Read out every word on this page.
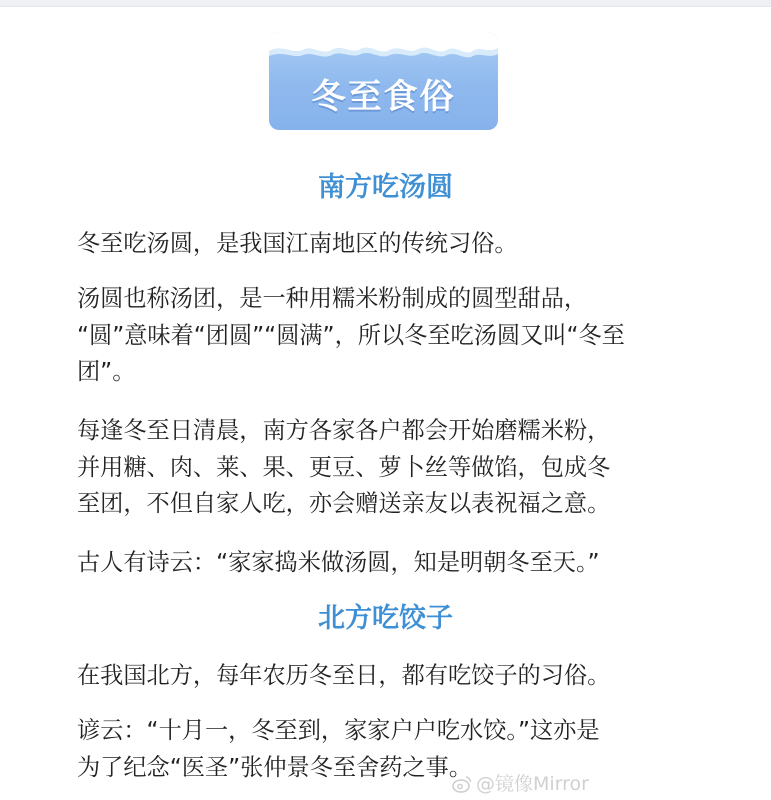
冬至食俗
南方吃汤圆
冬至吃汤圆，是我国江南地区的传统习俗。
汤圆也称汤团，是一种用糯米粉制成的圆型甜品，
“圆”意味着“团圆”“圆满”，所以冬至吃汤圆又叫“冬至
团”。
每逢冬至日清晨，南方各家各户都会开始磨糯米粉，
并用糖、肉、莱、果、更豆、萝卜丝等做馅，包成冬
至团，不但自家人吃，亦会赠送亲友以表祝福之意。
古人有诗云：“家家捣米做汤圆，知是明朝冬至天。”
北方吃饺子
在我国北方，每年农历冬至日，都有吃饺子的习俗。
谚云：“十月一，冬至到，家家户户吃水饺。”这亦是
为了纪念“医圣”张仲景冬至舍药之事。
@镜像Mirror
